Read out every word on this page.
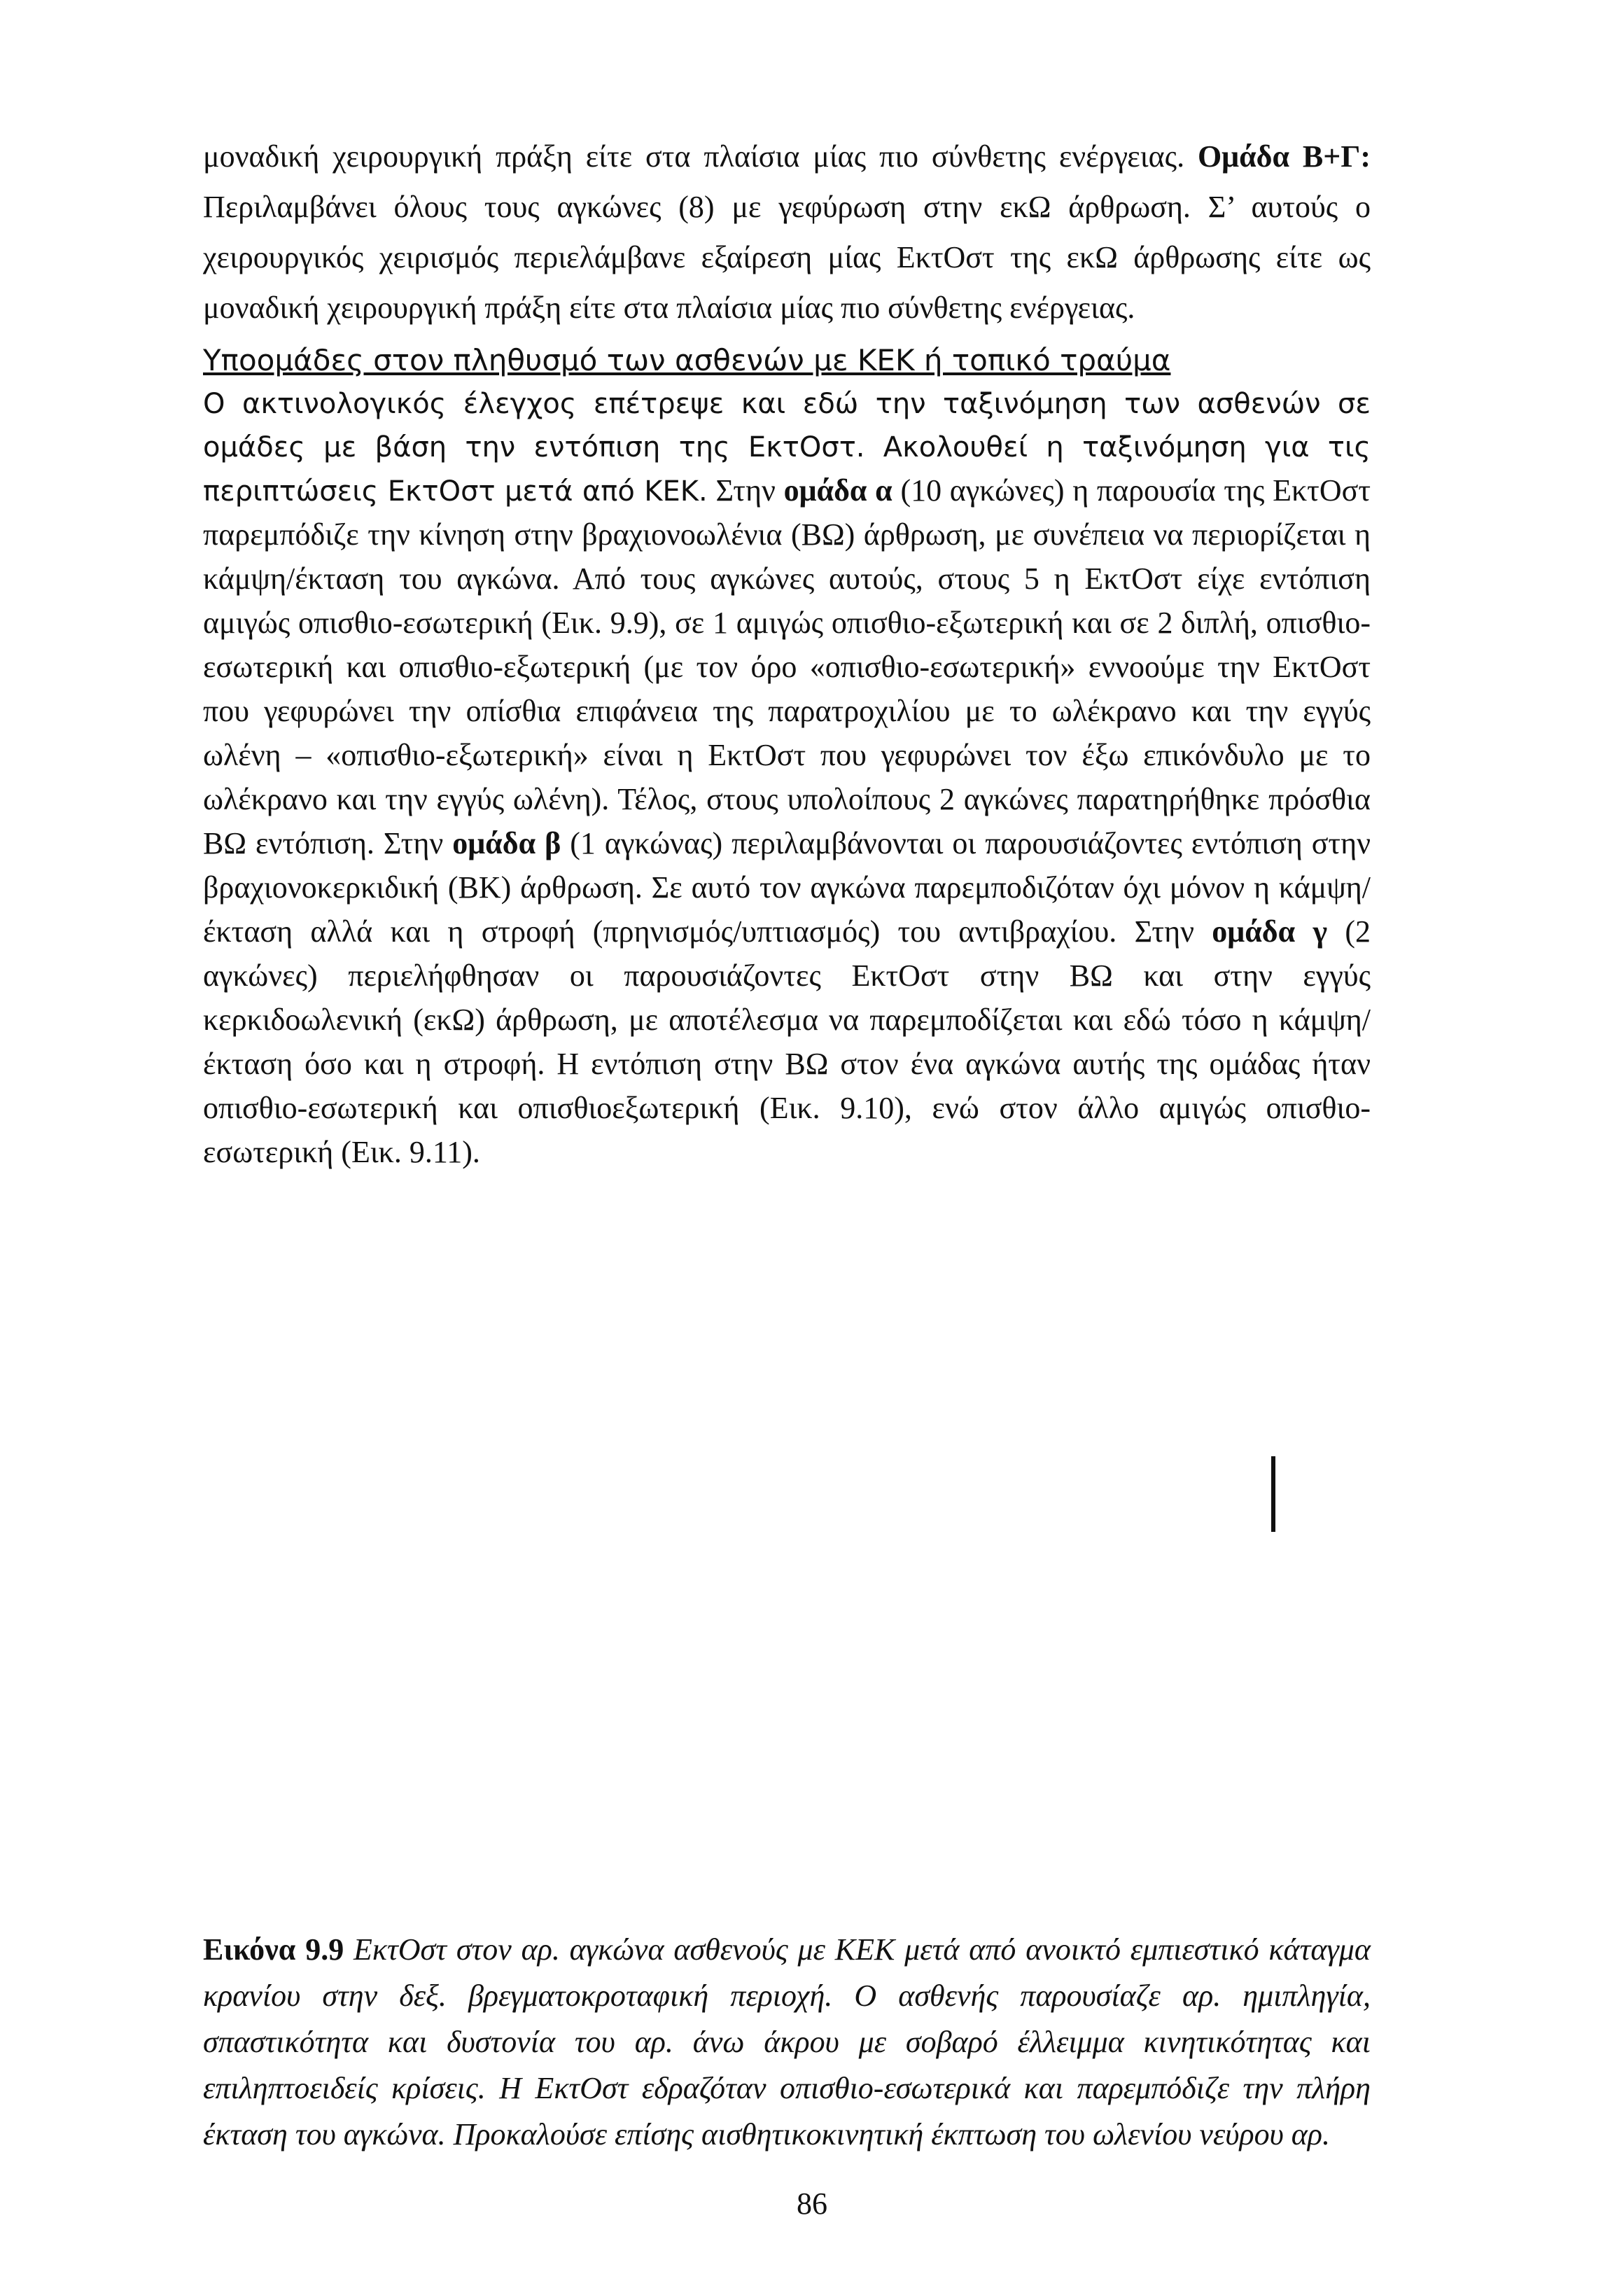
μοναδική χειρουργική πράξη είτε στα πλαίσια μίας πιο σύνθετης ενέργειας. Ομάδα Β+Γ: Περιλαμβάνει όλους τους αγκώνες (8) με γεφύρωση στην εκΩ άρθρωση. Σ’ αυτούς ο χειρουργικός χειρισμός περιελάμβανε εξαίρεση μίας ΕκτΟστ της εκΩ άρθρωσης είτε ως μοναδική χειρουργική πράξη είτε στα πλαίσια μίας πιο σύνθετης ενέργειας.
Υποομάδες στον πληθυσμό των ασθενών με ΚΕΚ ή τοπικό τραύμα
Ο ακτινολογικός έλεγχος επέτρεψε και εδώ την ταξινόμηση των ασθενών σε ομάδες με βάση την εντόπιση της ΕκτΟστ. Ακολουθεί η ταξινόμηση για τις περιπτώσεις ΕκτΟστ μετά από ΚΕΚ. Στην ομάδα α (10 αγκώνες) η παρουσία της ΕκτΟστ παρεμπόδιζε την κίνηση στην βραχιονοωλένια (ΒΩ) άρθρωση, με συνέπεια να περιορίζεται η κάμψη/έκταση του αγκώνα. Από τους αγκώνες αυτούς, στους 5 η ΕκτΟστ είχε εντόπιση αμιγώς οπισθιο-εσωτερική (Εικ. 9.9), σε 1 αμιγώς οπισθιο-εξωτερική και σε 2 διπλή, οπισθιο-εσωτερική και οπισθιο-εξωτερική (με τον όρο «οπισθιο-εσωτερική» εννοούμε την ΕκτΟστ που γεφυρώνει την οπίσθια επιφάνεια της παρατροχιλίου με το ωλέκρανο και την εγγύς ωλένη – «οπισθιο-εξωτερική» είναι η ΕκτΟστ που γεφυρώνει τον έξω επικόνδυλο με το ωλέκρανο και την εγγύς ωλένη). Τέλος, στους υπολοίπους 2 αγκώνες παρατηρήθηκε πρόσθια ΒΩ εντόπιση. Στην ομάδα β (1 αγκώνας) περιλαμβάνονται οι παρουσιάζοντες εντόπιση στην βραχιονοκερκιδική (ΒΚ) άρθρωση. Σε αυτό τον αγκώνα παρεμποδιζόταν όχι μόνον η κάμψη/έκταση αλλά και η στροφή (πρηνισμός/υπτιασμός) του αντιβραχίου. Στην ομάδα γ (2 αγκώνες) περιελήφθησαν οι παρουσιάζοντες ΕκτΟστ στην ΒΩ και στην εγγύς κερκιδοωλενική (εκΩ) άρθρωση, με αποτέλεσμα να παρεμποδίζεται και εδώ τόσο η κάμψη/έκταση όσο και η στροφή. Η εντόπιση στην ΒΩ στον ένα αγκώνα αυτής της ομάδας ήταν οπισθιο-εσωτερική και οπισθιοεξωτερική (Εικ. 9.10), ενώ στον άλλο αμιγώς οπισθιο-εσωτερική (Εικ. 9.11).
Εικόνα 9.9 ΕκτΟστ στον αρ. αγκώνα ασθενούς με ΚΕΚ μετά από ανοικτό εμπιεστικό κάταγμα κρανίου στην δεξ. βρεγματοκροταφική περιοχή. Ο ασθενής παρουσίαζε αρ. ημιπληγία, σπαστικότητα και δυστονία του αρ. άνω άκρου με σοβαρό έλλειμμα κινητικότητας και επιληπτοειδείς κρίσεις. Η ΕκτΟστ εδραζόταν οπισθιο-εσωτερικά και παρεμπόδιζε την πλήρη έκταση του αγκώνα. Προκαλούσε επίσης αισθητικοκινητική έκπτωση του ωλενίου νεύρου αρ.
86
